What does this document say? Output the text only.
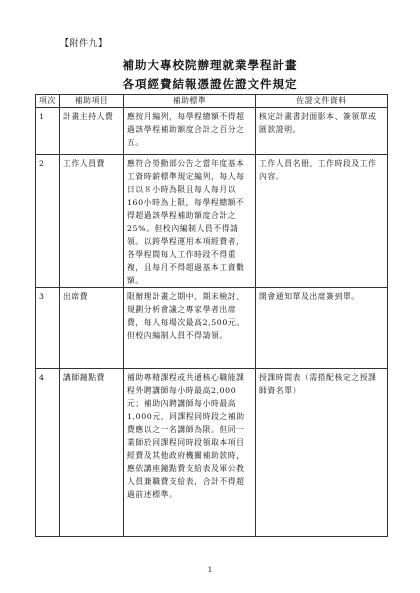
【附件九】
補助大專校院辦理就業學程計畫
各項經費結報憑證佐證文件規定
項次	補助項目	補助標準	佐證文件資料
1	計畫主持人費	應按月編列，每學程總額不得超過該學程補助額度合計之百分之五。	核定計畫書封面影本、簽領單或匯款證明。
2	工作人員費	應符合勞動部公告之當年度基本工資時薪標準規定編列，每人每日以８小時為限且每人每月以160小時為上限，每學程總額不得超過該學程補助額度合計之25%。但校內編制人員不得請領。以跨學程運用本項經費者，各學程間每人工作時段不得重複，且每月不得超過基本工資數額。	工作人員名冊、工作時段及工作內容。
3	出席費	限辦理計畫之期中、期末檢討、規劃分析會議之專家學者出席費，每人每場次最高2,500元。但校內編制人員不得請領。	開會通知單及出席簽到單。
4	講師鐘點費	補助專精課程或共通核心職能課程外聘講師每小時最高2,000元；補助內聘講師每小時最高1,000元，同課程同時段之補助費應以之一名講師為限。但同一業師於同課程同時段領取本項目經費及其他政府機關補助款時，應依講座鐘點費支給表及軍公教人員兼職費支給表，合計不得超過前述標準。	授課時間表（需搭配核定之授課師資名單）
1
